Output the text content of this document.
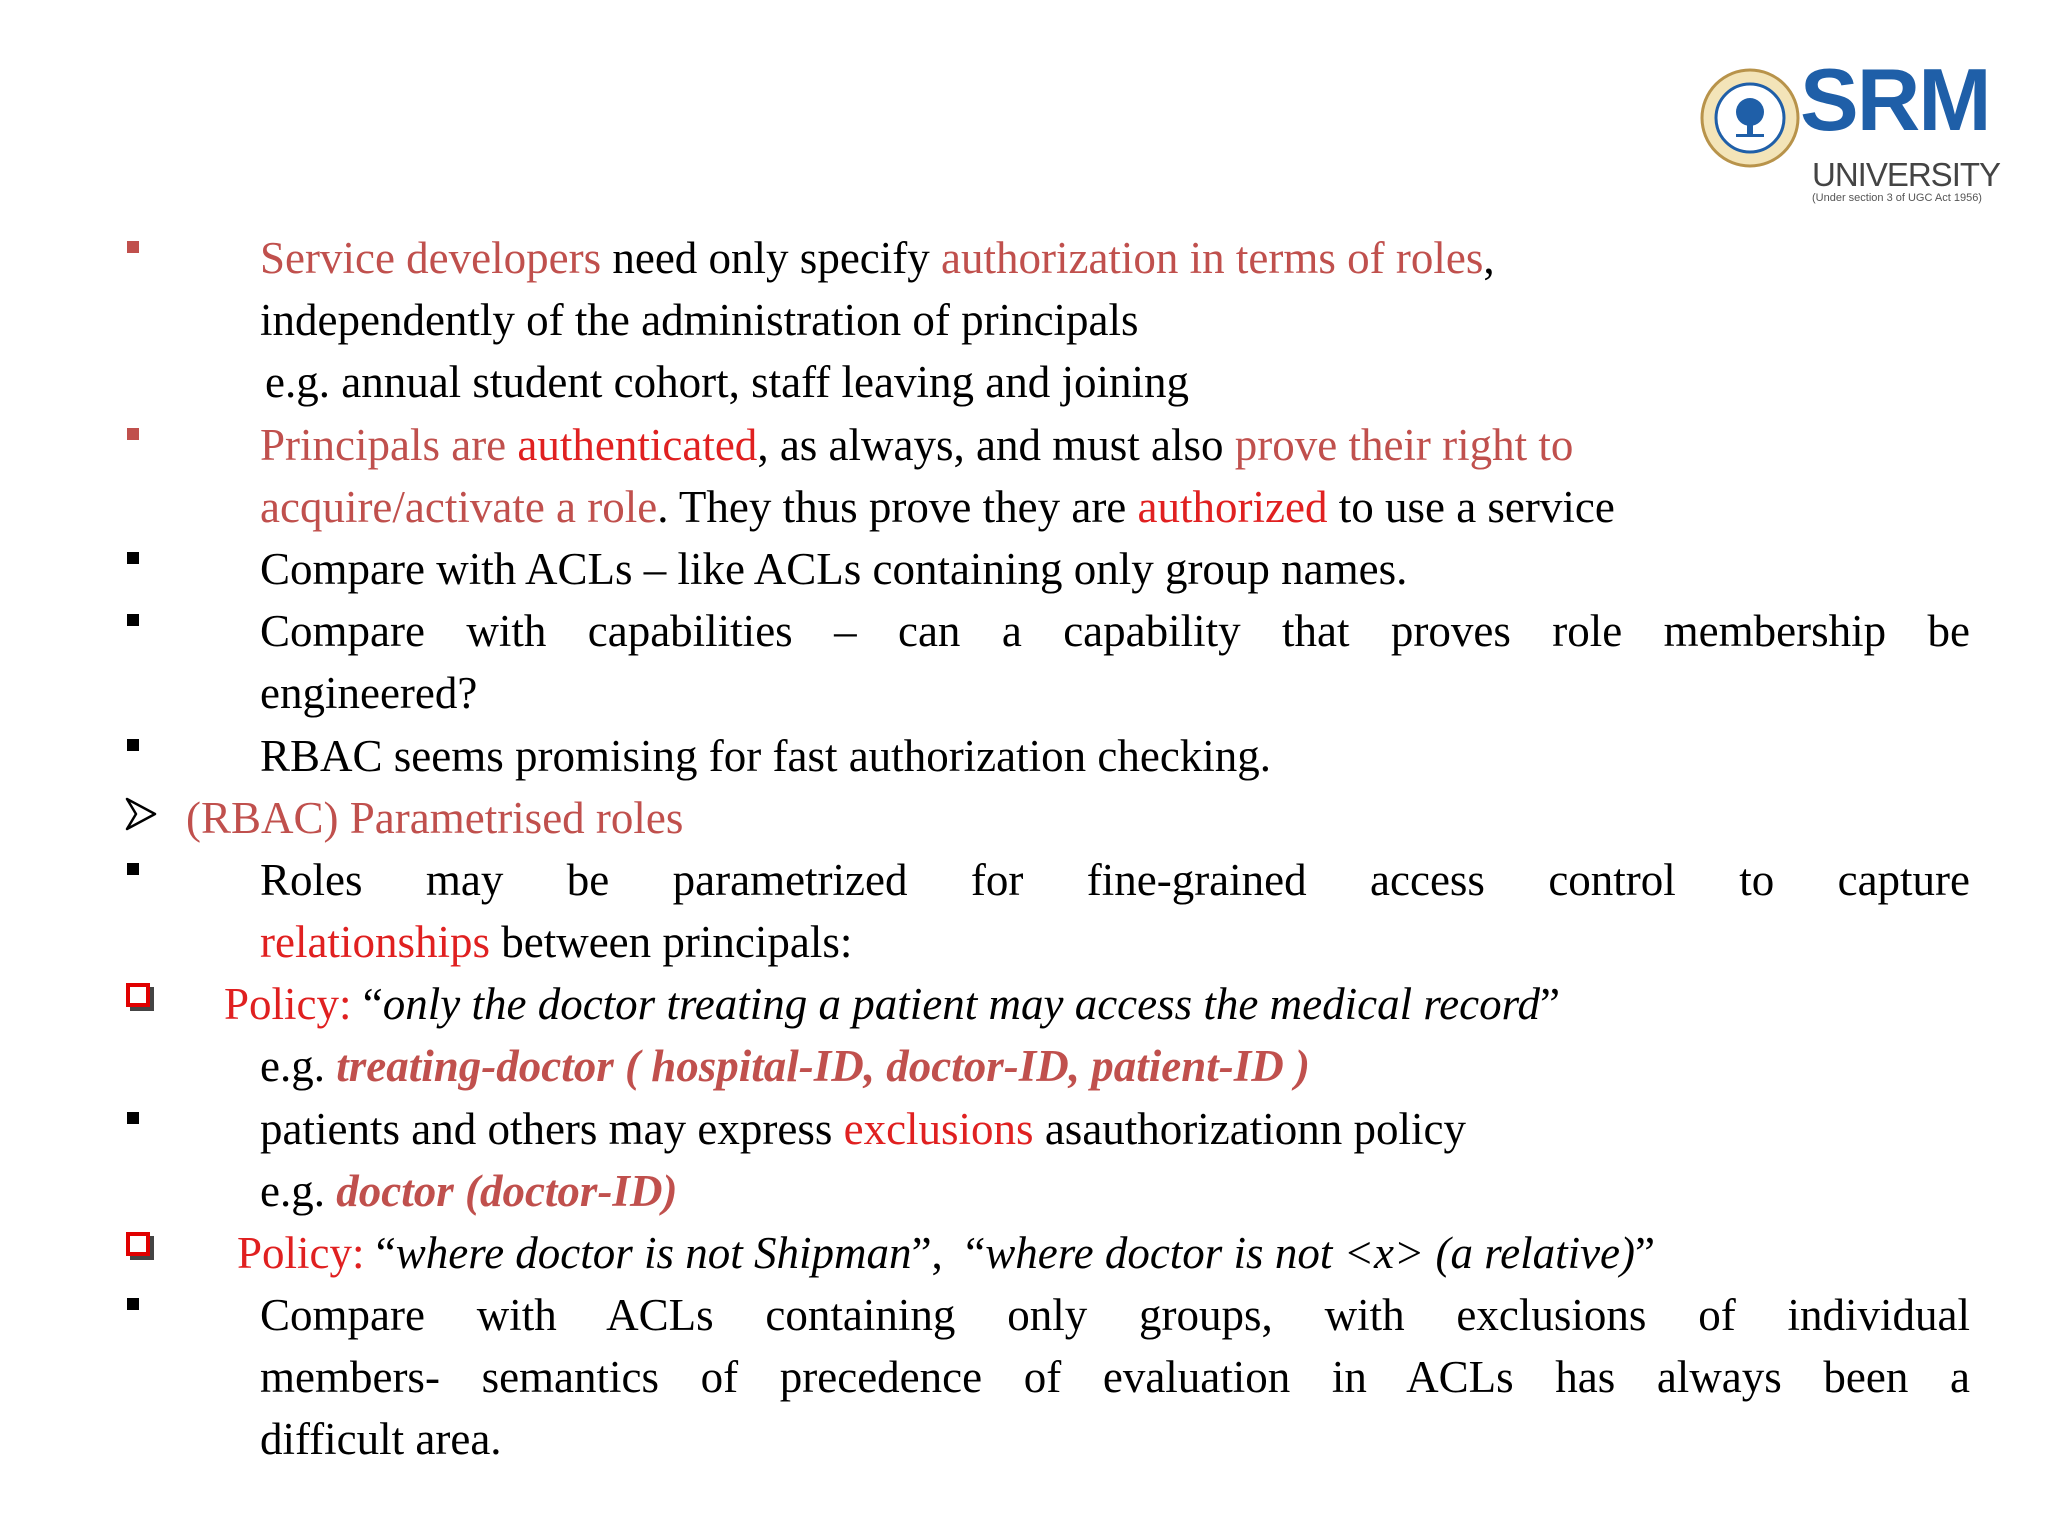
SRM
UNIVERSITY
(Under section 3 of UGC Act 1956)
Service developers need only specify authorization in terms of roles,
independently of the administration of principals
e.g. annual student cohort, staff leaving and joining
Principals are authenticated, as always, and must also prove their right to
acquire/activate a role. They thus prove they are authorized to use a service
Compare with ACLs – like ACLs containing only group names.
Compare with capabilities – can a capability that proves role membership be
engineered?
RBAC seems promising for fast authorization checking.
(RBAC) Parametrised roles
Roles may be parametrized for fine-grained access control to capture
relationships between principals:
Policy: “only the doctor treating a patient may access the medical record”
e.g. treating-doctor ( hospital-ID, doctor-ID, patient-ID )
patients and others may express exclusions asauthorizationn policy
e.g. doctor (doctor-ID)
Policy: “where doctor is not Shipman”,  “where doctor is not <x> (a relative)”
Compare with ACLs containing only groups, with exclusions of individual
members- semantics of precedence of evaluation in ACLs has always been a
difficult area.
